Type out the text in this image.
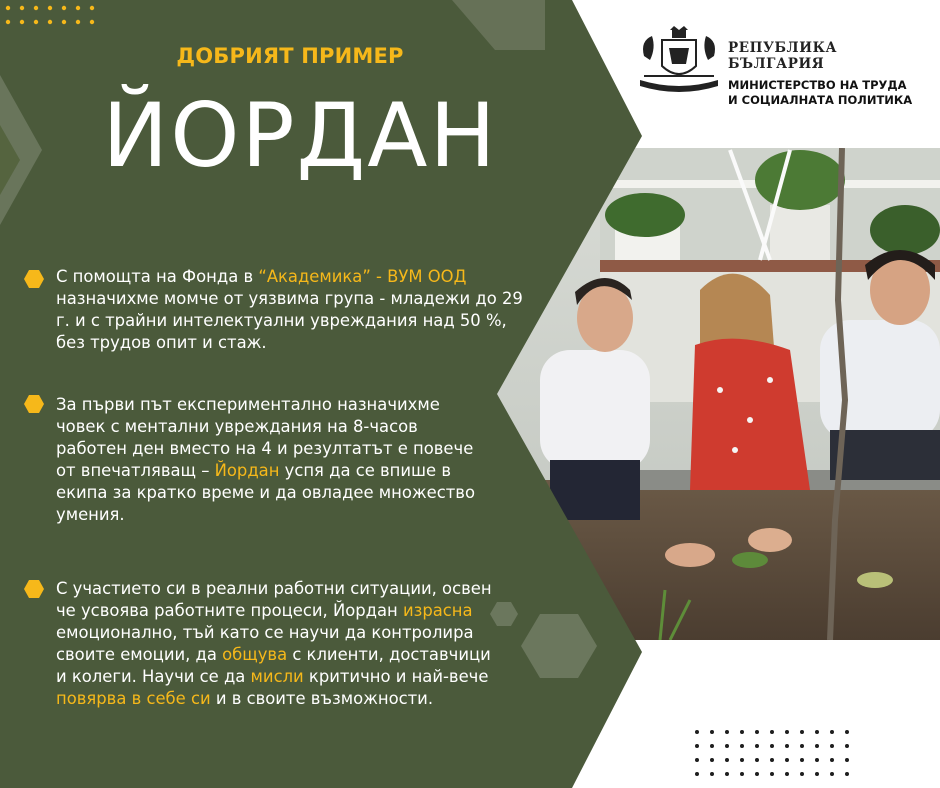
РЕПУБЛИКА БЪЛГАРИЯ
МИНИСТЕРСТВО НА ТРУДА
И СОЦИАЛНАТА ПОЛИТИКА
ДОБРИЯТ ПРИМЕР
ЙОРДАН
С помощта на Фонда в “Академика” - ВУМ ООД назначихме момче от уязвима група - младежи до 29 г. и с трайни интелектуални увреждания над 50 %, без трудов опит и стаж.
За първи път експериментално назначихме човек с ментални увреждания на 8-часов работен ден вместо на 4 и резултатът е повече от впечатляващ – Йордан успя да се впише в екипа за кратко време и да овладее множество умения.
С участието си в реални работни ситуации, освен че усвоява работните процеси, Йордан израсна емоционално, тъй като се научи да контролира своите емоции, да общува с клиенти, доставчици и колеги. Научи се да мисли критично и най-вече повярва в себе си и в своите възможности.
